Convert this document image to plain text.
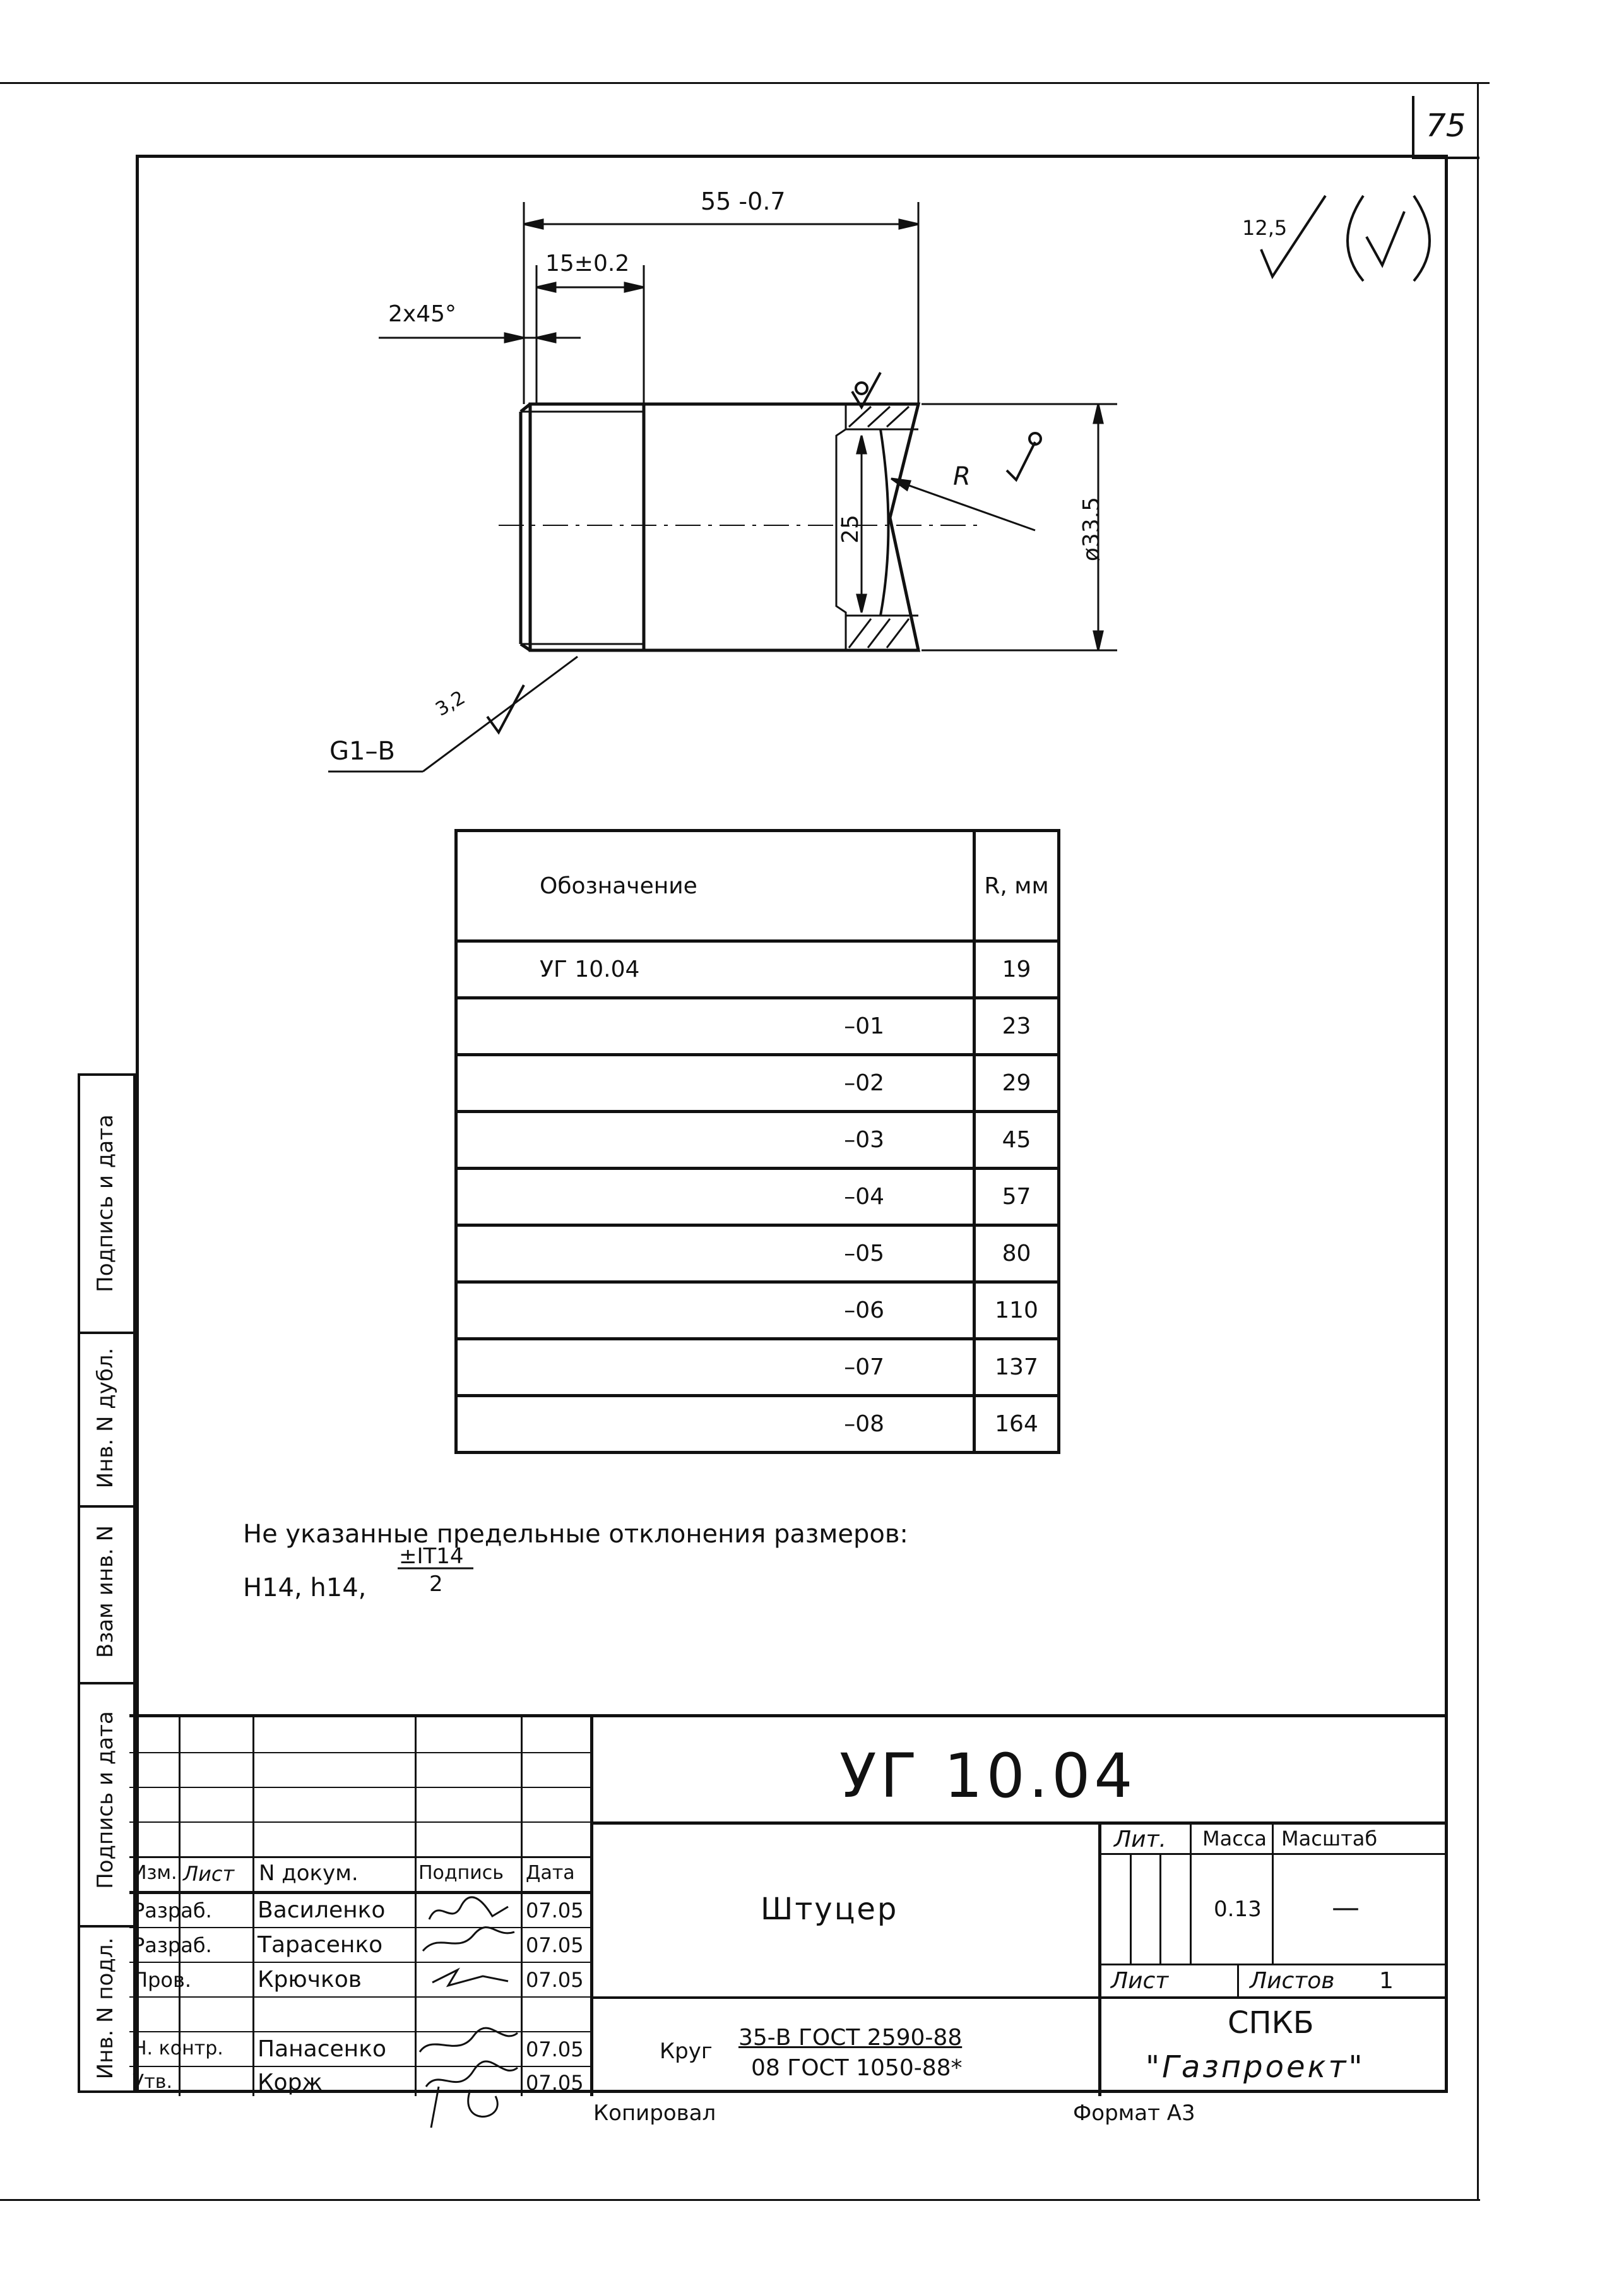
75
55 -0.7
15±0.2
2x45°
12,5
3,2
R
25	ø33.5
G1–B
Обозначение	R, мм
УГ 10.04	19
–01	23
–02	29
–03	45
–04	57
–05	80
–06	110
–07	137
–08	164
Не указанные предельные отклонения размеров:
H14, h14,
±IT14
2
Инв. N подл.
Подпись и дата
Взам инв. N
Инв. N дубл.
Подпись и дата
Изм. Лист N докум.	Подпись Дата
Разраб. Василенко	07.05
Разраб. Тарасенко	07.05
Пров.	Крючков	07.05
Н. контр. Панасенко	07.05
Утв.	Корж	07.05
УГ 10.04
Штуцер
Лит. Масса Масштаб
0.13	—
Лист	Листов 1
Круг
35-В ГОСТ 2590-88
08 ГОСТ 1050-88*
СПКБ
"Газпроект"
Копировал	Формат А3
